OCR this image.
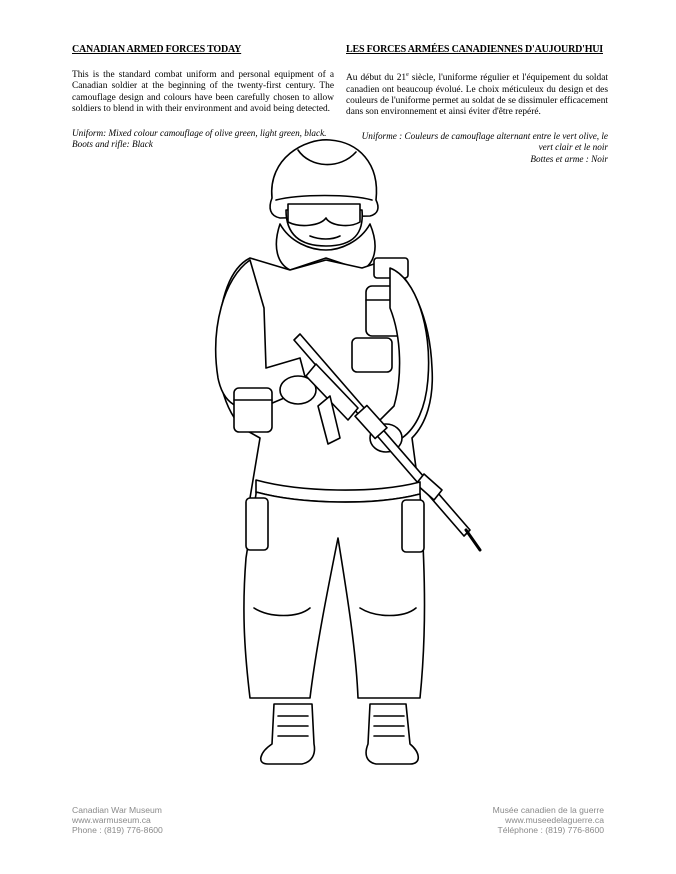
CANADIAN ARMED FORCES TODAY

This is the standard combat uniform and personal equipment of a Canadian soldier at the beginning of the twenty-first century. The camouflage design and colours have been carefully chosen to allow soldiers to blend in with their environment and avoid being detected.

Uniform: Mixed colour camouflage of olive green, light green, black.
Boots and rifle: Black
LES FORCES ARMÉES CANADIENNES D'AUJOURD'HUI

Au début du 21e siècle, l'uniforme régulier et l'équipement du soldat canadien ont beaucoup évolué. Le choix méticuleux du design et des couleurs de l'uniforme permet au soldat de se dissimuler efficacement dans son environnement et ainsi éviter d'être repéré.

Uniforme : Couleurs de camouflage alternant entre le vert olive, le vert clair et le noir
Bottes et arme : Noir
Canadian War Museum
www.warmuseum.ca
Phone : (819) 776-8600
Musée canadien de la guerre
www.museedelaguerre.ca
Téléphone : (819) 776-8600
